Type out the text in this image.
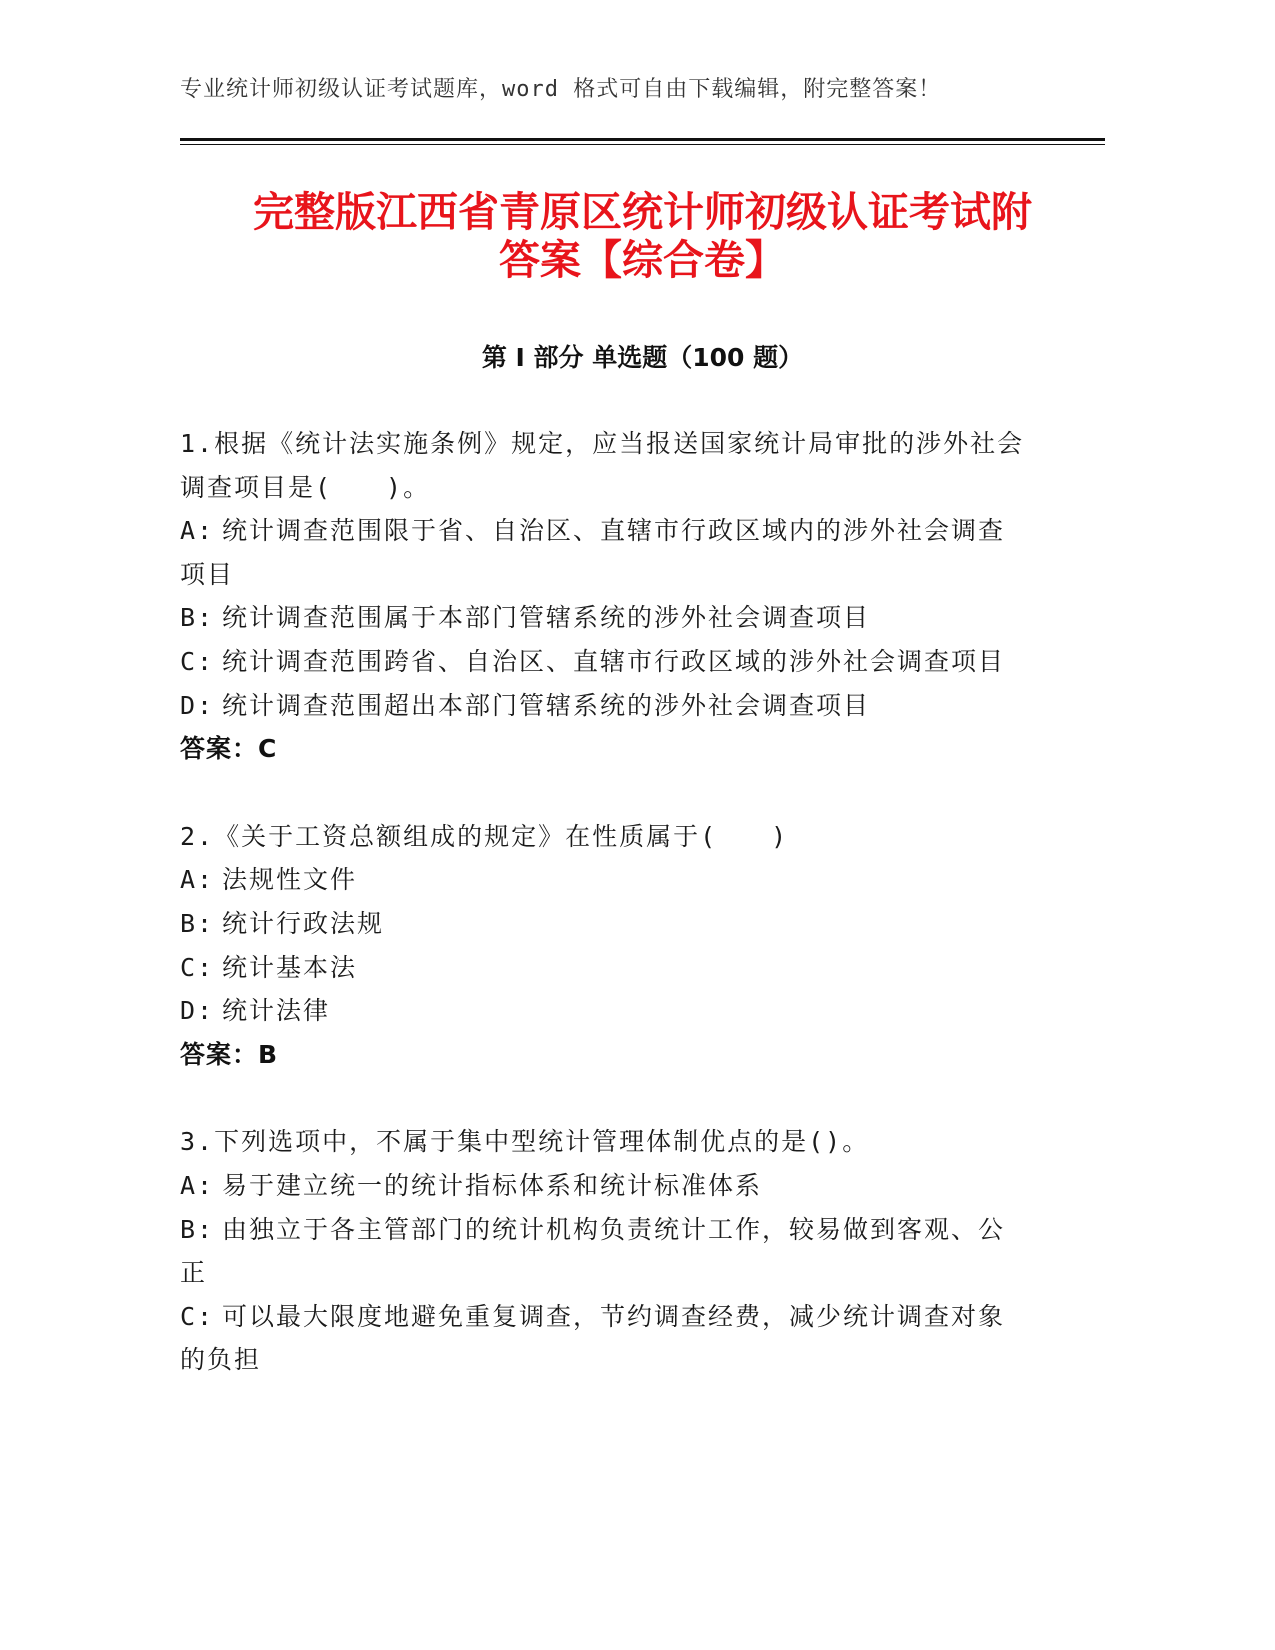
专业统计师初级认证考试题库，word 格式可自由下载编辑，附完整答案！
完整版江西省青原区统计师初级认证考试附
答案【综合卷】
第 I 部分 单选题（100 题）

1.根据《统计法实施条例》规定，应当报送国家统计局审批的涉外社会调查项目是(　　)。

A: 统计调查范围限于省、自治区、直辖市行政区域内的涉外社会调查项目
B: 统计调查范围属于本部门管辖系统的涉外社会调查项目
C: 统计调查范围跨省、自治区、直辖市行政区域的涉外社会调查项目
D: 统计调查范围超出本部门管辖系统的涉外社会调查项目
答案：C

2.《关于工资总额组成的规定》在性质属于(　　)

A: 法规性文件
B: 统计行政法规
C: 统计基本法
D: 统计法律
答案：B

3.下列选项中，不属于集中型统计管理体制优点的是()。

A: 易于建立统一的统计指标体系和统计标准体系
B: 由独立于各主管部门的统计机构负责统计工作，较易做到客观、公正
C: 可以最大限度地避免重复调查，节约调查经费，减少统计调查对象的负担
